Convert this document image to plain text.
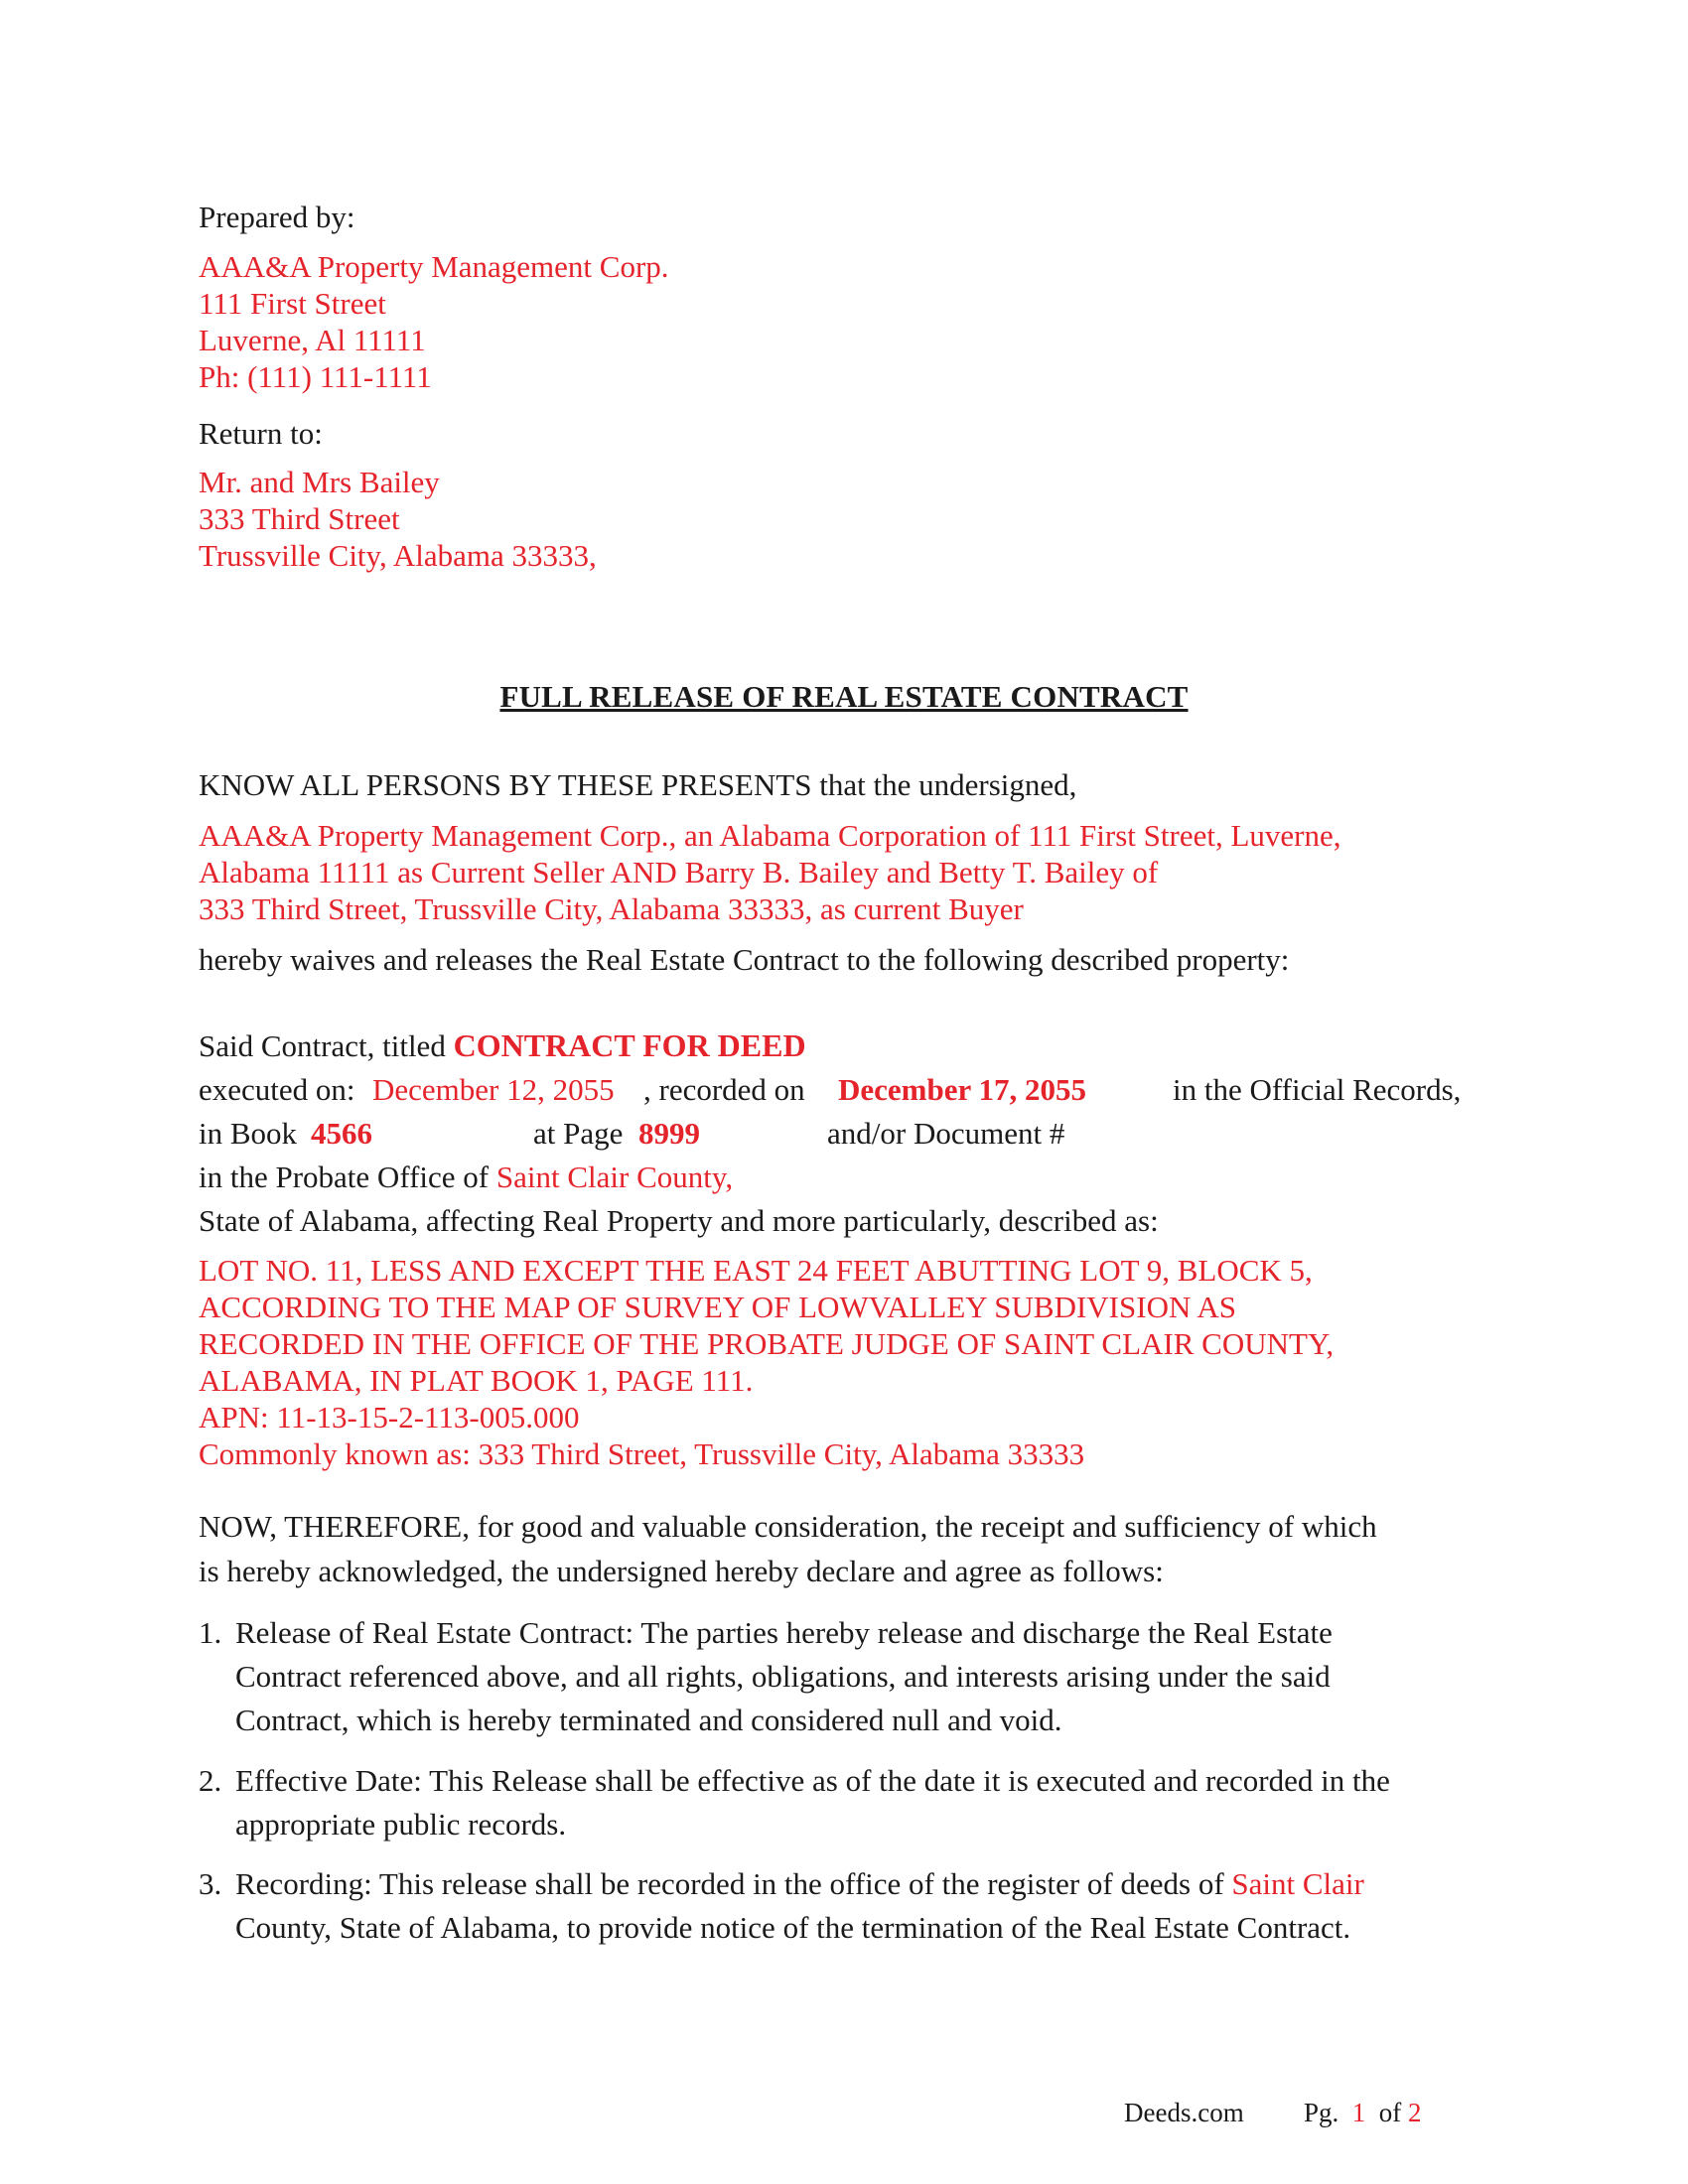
Prepared by:
AAA&A Property Management Corp.
111 First Street
Luverne, Al 11111
Ph: (111) 111-1111
Return to:
Mr. and Mrs Bailey
333 Third Street
Trussville City, Alabama 33333,
FULL RELEASE OF REAL ESTATE CONTRACT
KNOW ALL PERSONS BY THESE PRESENTS that the undersigned,
AAA&A Property Management Corp., an Alabama Corporation of 111 First Street, Luverne,
Alabama 11111 as Current Seller AND Barry B. Bailey and Betty T. Bailey of
333 Third Street, Trussville City, Alabama 33333, as current Buyer
hereby waives and releases the Real Estate Contract to the following described property:
Said Contract, titled CONTRACT FOR DEED
executed on: December 12, 2055 , recorded on December 17, 2055	in the Official Records,
in Book 4566	at Page 8999	and/or Document #
in the Probate Office of Saint Clair County,
State of Alabama, affecting Real Property and more particularly, described as:
LOT NO. 11, LESS AND EXCEPT THE EAST 24 FEET ABUTTING LOT 9, BLOCK 5,
ACCORDING TO THE MAP OF SURVEY OF LOWVALLEY SUBDIVISION AS
RECORDED IN THE OFFICE OF THE PROBATE JUDGE OF SAINT CLAIR COUNTY,
ALABAMA, IN PLAT BOOK 1, PAGE 111.
APN: 11-13-15-2-113-005.000
Commonly known as: 333 Third Street, Trussville City, Alabama 33333
NOW, THEREFORE, for good and valuable consideration, the receipt and sufficiency of which
is hereby acknowledged, the undersigned hereby declare and agree as follows:
1. Release of Real Estate Contract: The parties hereby release and discharge the Real Estate
Contract referenced above, and all rights, obligations, and interests arising under the said
Contract, which is hereby terminated and considered null and void.
2. Effective Date: This Release shall be effective as of the date it is executed and recorded in the
appropriate public records.
3. Recording: This release shall be recorded in the office of the register of deeds of Saint Clair
County, State of Alabama, to provide notice of the termination of the Real Estate Contract.
Deeds.com Pg. 1 of 2
